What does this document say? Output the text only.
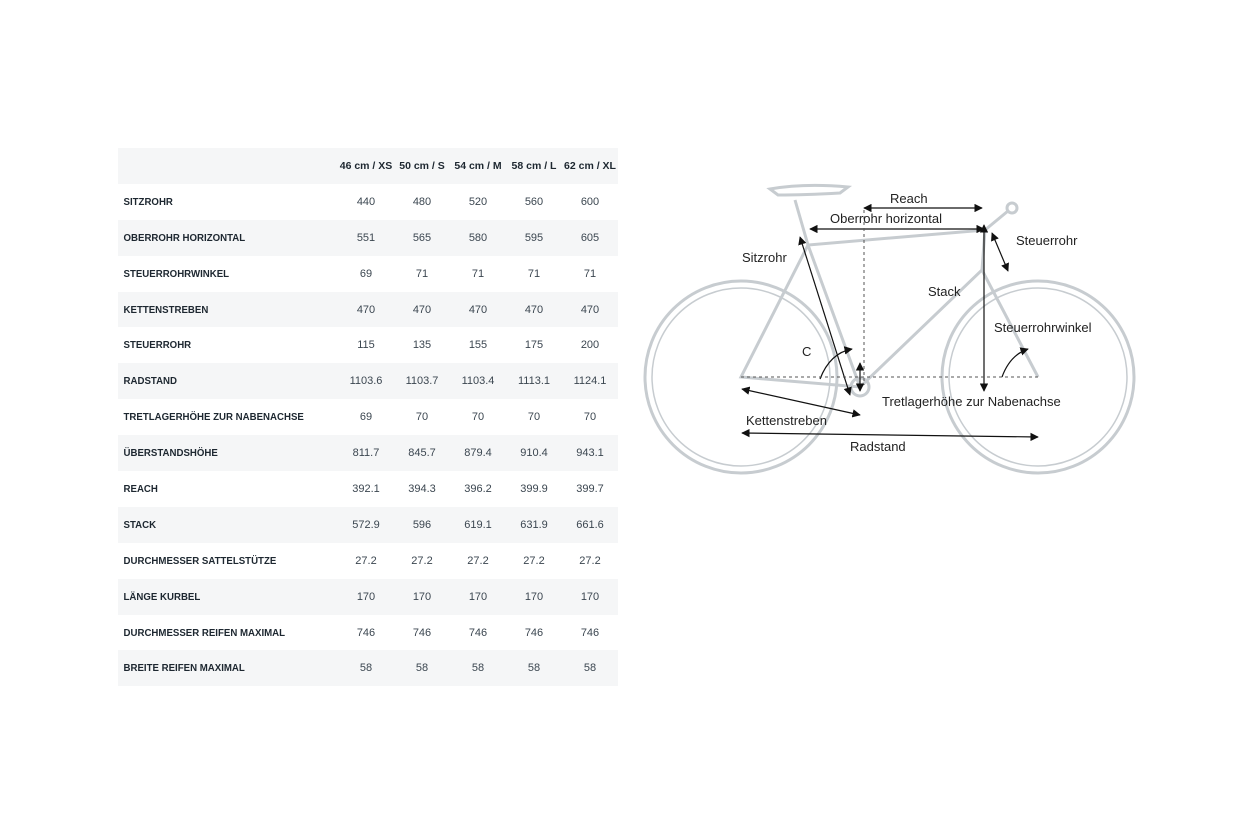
	46 cm / XS	50 cm / S	54 cm / M	58 cm / L	62 cm / XL
SITZROHR	440	480	520	560	600
OBERROHR HORIZONTAL	551	565	580	595	605
STEUERROHRWINKEL	69	71	71	71	71
KETTENSTREBEN	470	470	470	470	470
STEUERROHR	115	135	155	175	200
RADSTAND	1103.6	1103.7	1103.4	1113.1	1124.1
TRETLAGERHÖHE ZUR NABENACHSE	69	70	70	70	70
ÜBERSTANDSHÖHE	811.7	845.7	879.4	910.4	943.1
REACH	392.1	394.3	396.2	399.9	399.7
STACK	572.9	596	619.1	631.9	661.6
DURCHMESSER SATTELSTÜTZE	27.2	27.2	27.2	27.2	27.2
LÄNGE KURBEL	170	170	170	170	170
DURCHMESSER REIFEN MAXIMAL	746	746	746	746	746
BREITE REIFEN MAXIMAL	58	58	58	58	58
Reach
Oberrohr horizontal
Steuerrohr
Sitzrohr
Stack
Steuerrohrwinkel
C
Tretlagerhöhe zur Nabenachse
Kettenstreben
Radstand
